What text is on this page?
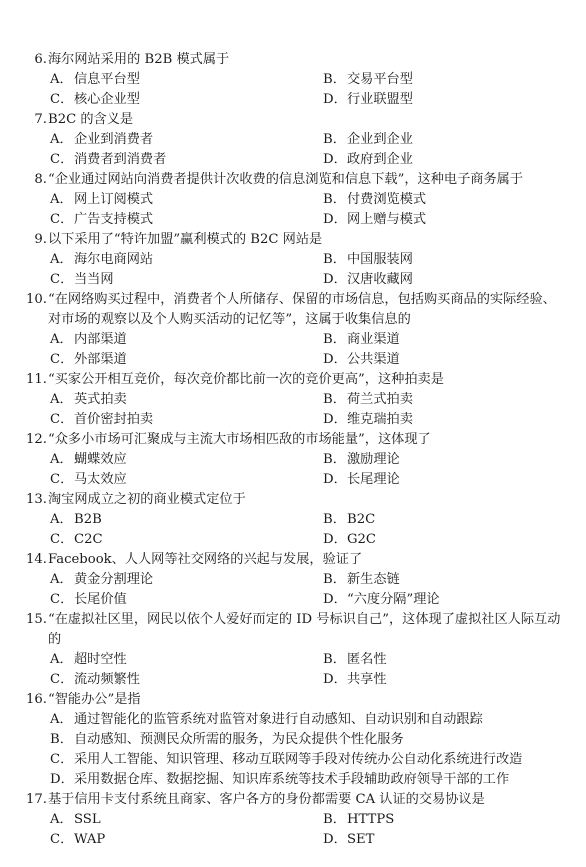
6. 海尔网站采用的 B2B 模式属于
A．信息平台型	B．交易平台型
C．核心企业型	D．行业联盟型
7. B2C 的含义是
A．企业到消费者	B．企业到企业
C．消费者到消费者	D．政府到企业
8. “企业通过网站向消费者提供计次收费的信息浏览和信息下载”，这种电子商务属于
A．网上订阅模式	B．付费浏览模式
C．广告支持模式	D．网上赠与模式
9. 以下采用了“特许加盟”赢利模式的 B2C 网站是
A．海尔电商网站	B．中国服装网
C．当当网	D．汉唐收藏网
10. “在网络购买过程中，消费者个人所储存、保留的市场信息，包括购买商品的实际经验、对市场的观察以及个人购买活动的记忆等”，这属于收集信息的
A．内部渠道	B．商业渠道
C．外部渠道	D．公共渠道
11. “买家公开相互竞价，每次竞价都比前一次的竞价更高”，这种拍卖是
A．英式拍卖	B．荷兰式拍卖
C．首价密封拍卖	D．维克瑞拍卖
12. “众多小市场可汇聚成与主流大市场相匹敌的市场能量”，这体现了
A．蝴蝶效应	B．激励理论
C．马太效应	D．长尾理论
13. 淘宝网成立之初的商业模式定位于
A．B2B	B．B2C
C．C2C	D．G2C
14. Facebook、人人网等社交网络的兴起与发展，验证了
A．黄金分割理论	B．新生态链
C．长尾价值	D．“六度分隔”理论
15. “在虚拟社区里，网民以依个人爱好而定的 ID 号标识自己”，这体现了虚拟社区人际互动的
A．超时空性	B．匿名性
C．流动频繁性	D．共享性
16. “智能办公”是指
A．通过智能化的监管系统对监管对象进行自动感知、自动识别和自动跟踪
B．自动感知、预测民众所需的服务，为民众提供个性化服务
C．采用人工智能、知识管理、移动互联网等手段对传统办公自动化系统进行改造
D．采用数据仓库、数据挖掘、知识库系统等技术手段辅助政府领导干部的工作
17. 基于信用卡支付系统且商家、客户各方的身份都需要 CA 认证的交易协议是
A．SSL	B．HTTPS
C．WAP	D．SET
